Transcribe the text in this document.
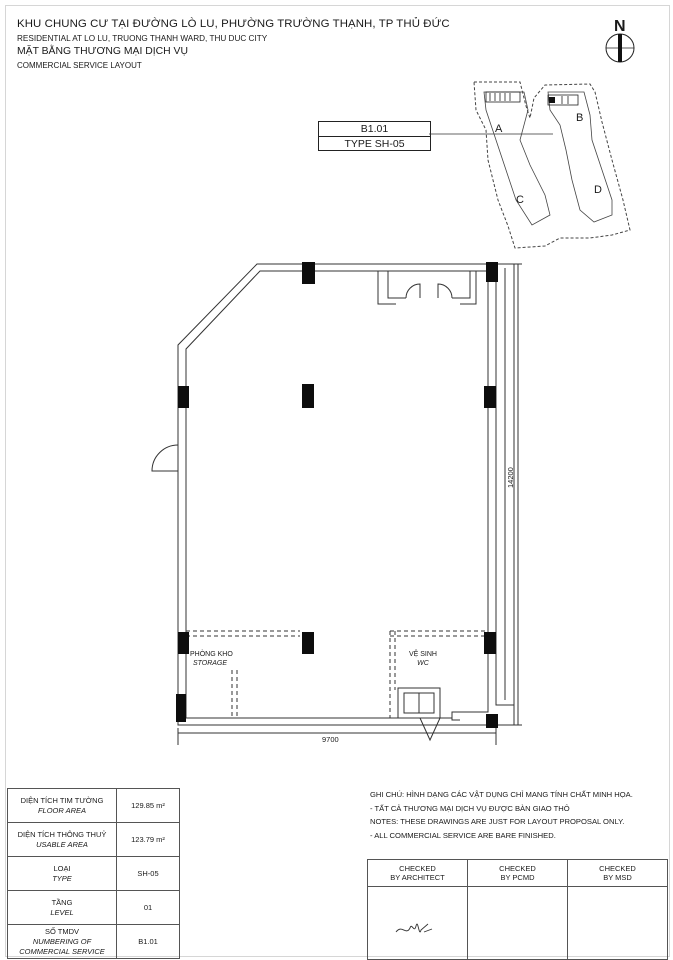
KHU CHUNG CƯ TẠI ĐƯỜNG LÒ LU, PHƯỜNG TRƯỜNG THẠNH, TP THỦ ĐỨC
RESIDENTIAL AT LO LU, TRUONG THANH WARD, THU DUC CITY
MẶT BẰNG THƯƠNG MẠI DỊCH VỤ
COMMERCIAL SERVICE LAYOUT
B1.01
TYPE SH-05
N
A
B
C
D
PHÒNG KHO
STORAGE
VỆ SINH
WC
9700
14200
DIỆN TÍCH TIM TƯỜNG
FLOOR AREA	129.85 m²
DIỆN TÍCH THÔNG THUỶ
USABLE AREA	123.79 m²
LOẠI
TYPE	SH-05
TẦNG
LEVEL	01
SỐ TMDV
NUMBERING OF COMMERCIAL SERVICE	B1.01
GHI CHÚ: HÌNH DẠNG CÁC VẬT DỤNG CHỈ MANG TÍNH CHẤT MINH HỌA.
- TẤT CẢ THƯƠNG MẠI DỊCH VỤ ĐƯỢC BÀN GIAO THÔ
NOTES: THESE DRAWINGS ARE JUST FOR LAYOUT PROPOSAL ONLY.
- ALL COMMERCIAL SERVICE ARE BARE FINISHED.
CHECKED
BY ARCHITECT	CHECKED
BY PCMD	CHECKED
BY MSD
